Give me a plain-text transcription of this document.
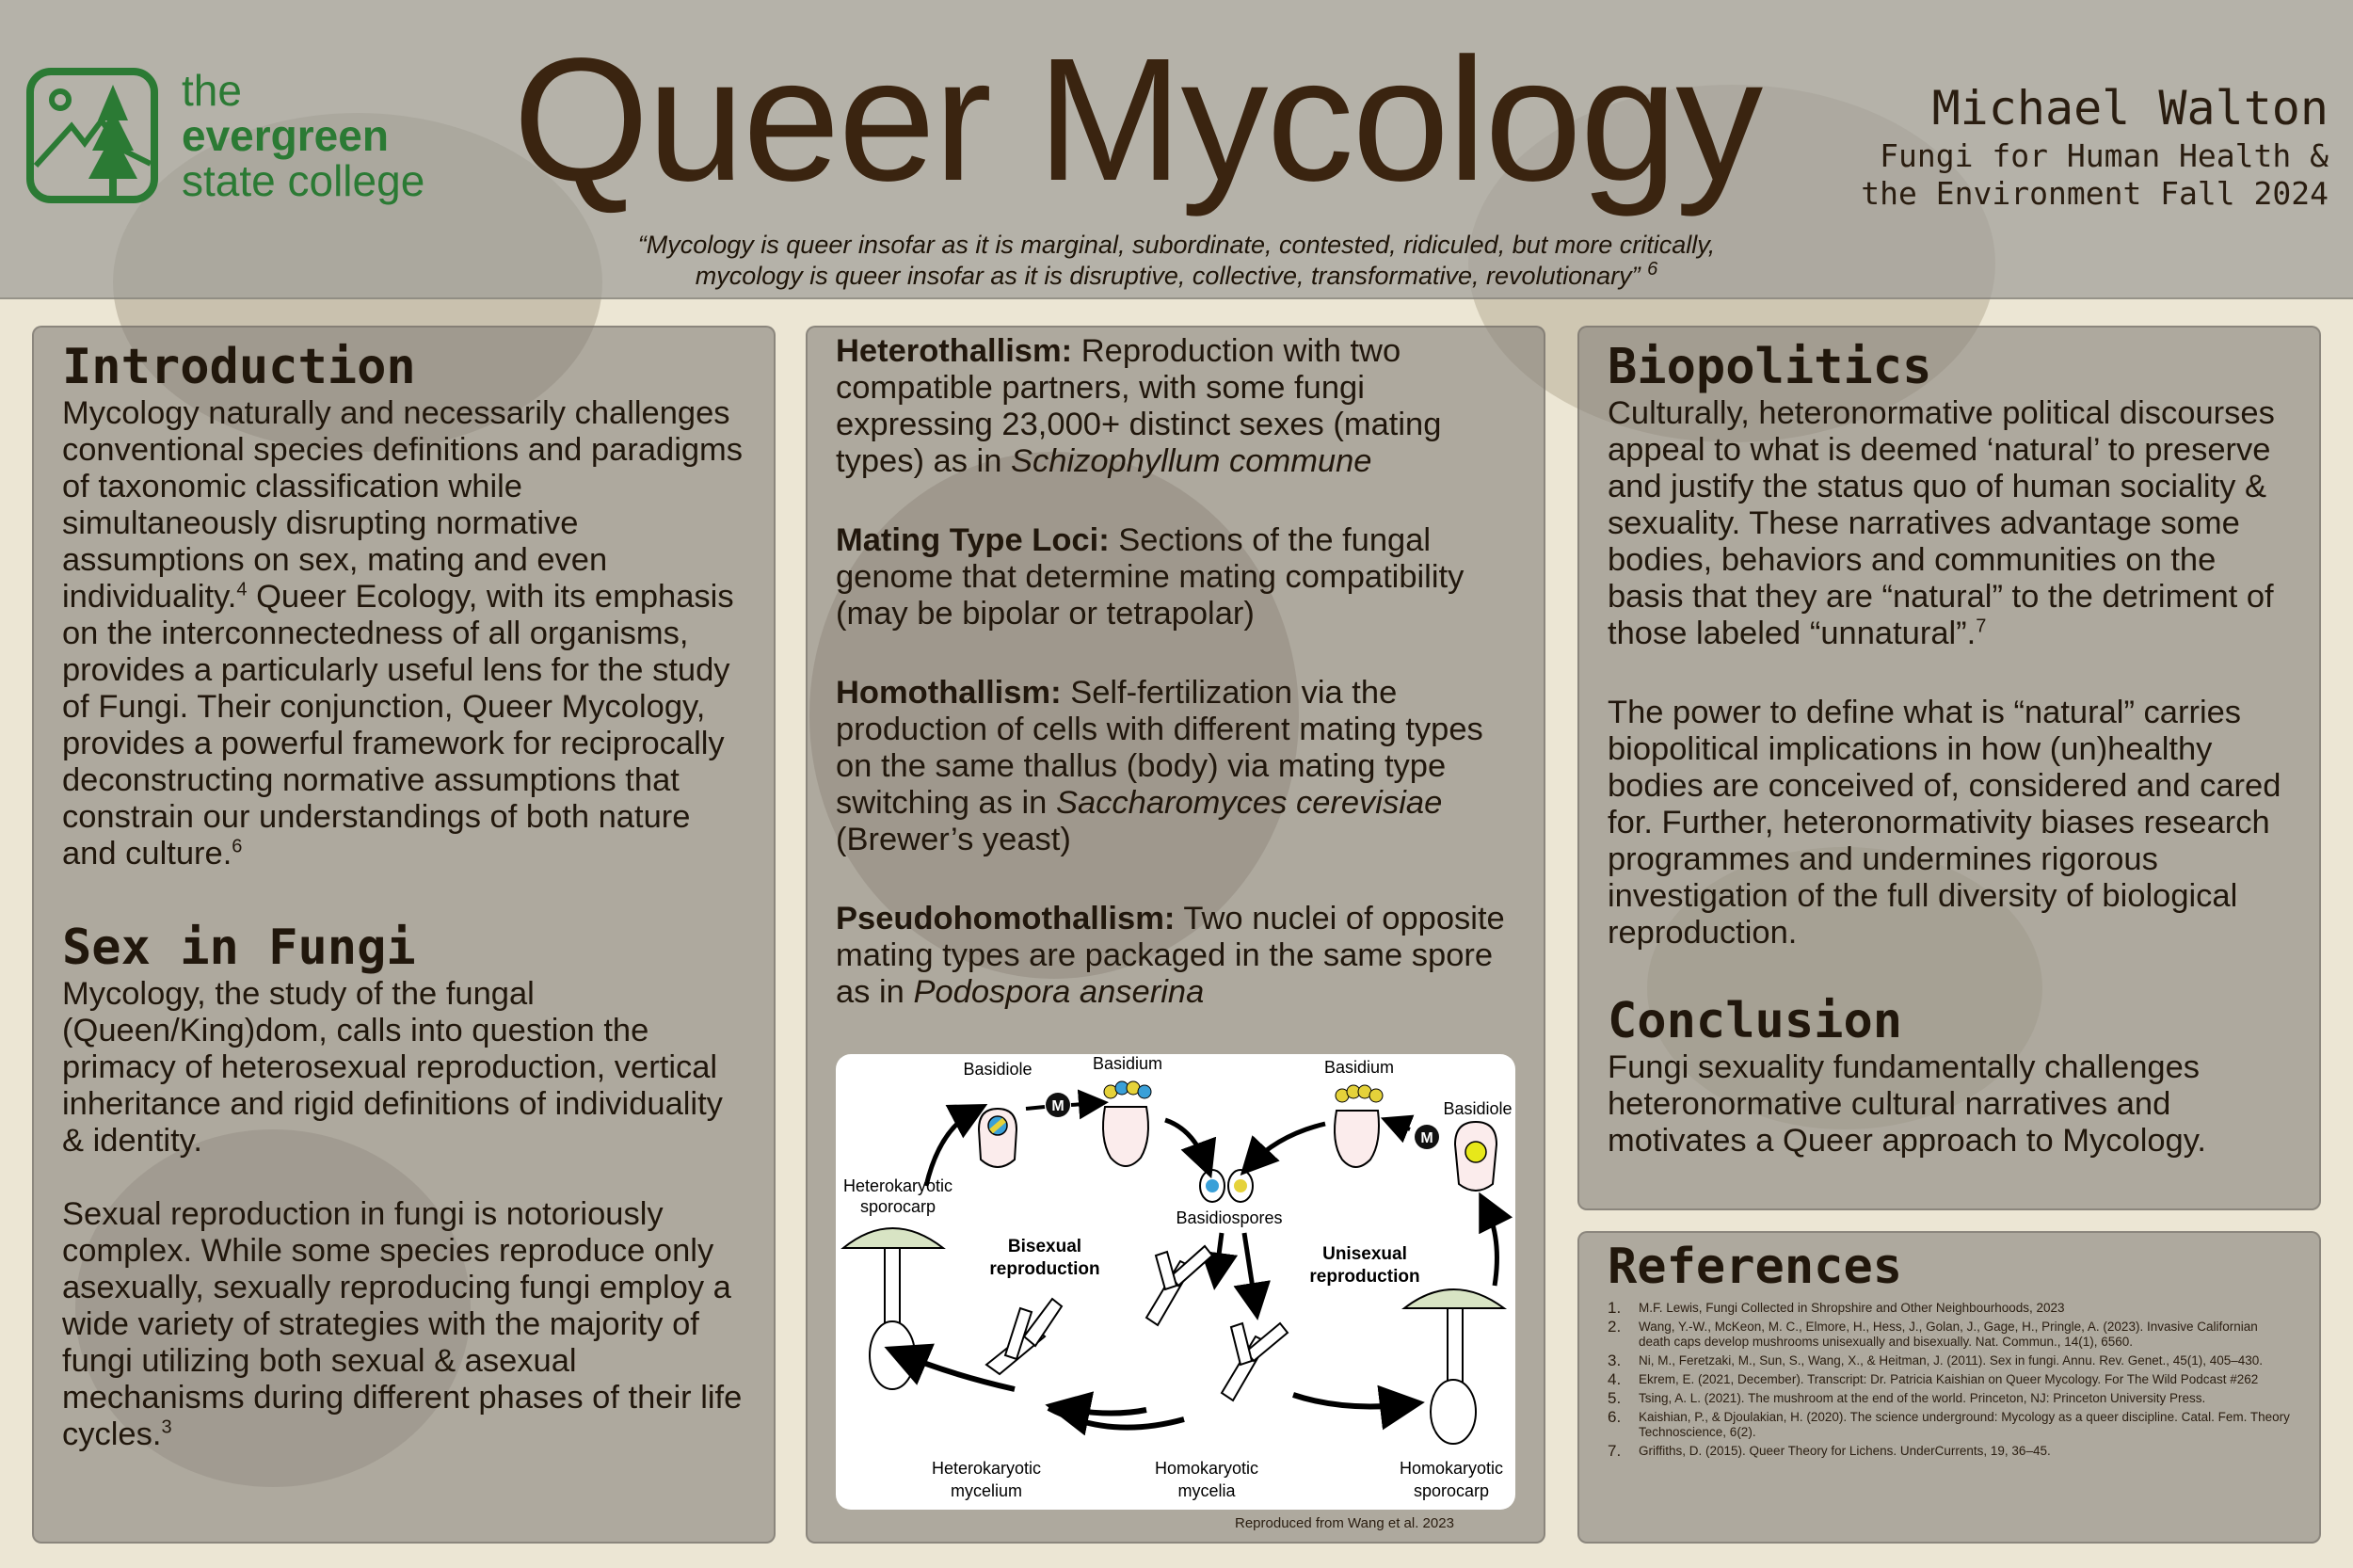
the
evergreen
state college Queer Mycology	Michael Walton
Fungi for Human Health &
the Environment Fall 2024
“Mycology is queer insofar as it is marginal, subordinate, contested, ridiculed, but more critically,
mycology is queer insofar as it is disruptive, collective, transformative, revolutionary” $^6$
Introduction

Mycology naturally and necessarily challenges conventional species definitions and paradigms of taxonomic classification while simultaneously disrupting normative assumptions on sex, mating and even individuality.$^4$ Queer Ecology, with its emphasis on the interconnectedness of all organisms, provides a particularly useful lens for the study of Fungi. Their conjunction, Queer Mycology, provides a powerful framework for reciprocally deconstructing normative assumptions that constrain our understandings of both nature and culture.$^6$

Sex in Fungi

Mycology, the study of the fungal (Queen/King)dom, calls into question the primacy of heterosexual reproduction, vertical inheritance and rigid definitions of individuality & identity.

Sexual reproduction in fungi is notoriously complex. While some species reproduce only asexually, sexually reproducing fungi employ a wide variety of strategies with the majority of fungi utilizing both sexual & asexual mechanisms during different phases of their life cycles.$^3$

Heterothallism: Reproduction with two compatible partners, with some fungi expressing 23,000+ distinct sexes (mating types) as in Schizophyllum commune

Mating Type Loci: Sections of the fungal genome that determine mating compatibility (may be bipolar or tetrapolar)

Homothallism: Self-fertilization via the production of cells with different mating types on the same thallus (body) via mating type switching as in Saccharomyces cerevisiae (Brewer’s yeast)

Pseudohomothallism: Two nuclei of opposite mating types are packaged in the same spore as in Podospora anserina

Basidiole
M
Basidium	Basidium
M
Basidiole
Basidiospores
Heterokaryotic
sporocarp
Bisexual
reproduction
Unisexual
reproduction
Heterokaryotic
mycelium
Homokaryotic
mycelia
Homokaryotic
sporocarp
Reproduced from Wang et al. 2023
Biopolitics

Culturally, heteronormative political discourses appeal to what is deemed ‘natural’ to preserve and justify the status quo of human sociality & sexuality. These narratives advantage some bodies, behaviors and communities on the basis that they are “natural” to the detriment of those labeled “unnatural”.$^7$

The power to define what is “natural” carries biopolitical implications in how (un)healthy bodies are conceived of, considered and cared for. Further, heteronormativity biases research programmes and undermines rigorous investigation of the full diversity of biological reproduction.

Conclusion

Fungi sexuality fundamentally challenges heteronormative cultural narratives and motivates a Queer approach to Mycology.

References
1. M.F. Lewis, Fungi Collected in Shropshire and Other Neighbourhoods, 2023
2. Wang, Y.-W., McKeon, M. C., Elmore, H., Hess, J., Golan, J., Gage, H., Pringle, A. (2023). Invasive Californian death caps develop mushrooms unisexually and bisexually. Nat. Commun., 14(1), 6560.
3. Ni, M., Feretzaki, M., Sun, S., Wang, X., & Heitman, J. (2011). Sex in fungi. Annu. Rev. Genet., 45(1), 405–430.
4. Ekrem, E. (2021, December). Transcript: Dr. Patricia Kaishian on Queer Mycology. For The Wild Podcast #262
5. Tsing, A. L. (2021). The mushroom at the end of the world. Princeton, NJ: Princeton University Press.
6. Kaishian, P., & Djoulakian, H. (2020). The science underground: Mycology as a queer discipline. Catal. Fem. Theory Technoscience, 6(2).
7. Griffiths, D. (2015). Queer Theory for Lichens. UnderCurrents, 19, 36–45.
